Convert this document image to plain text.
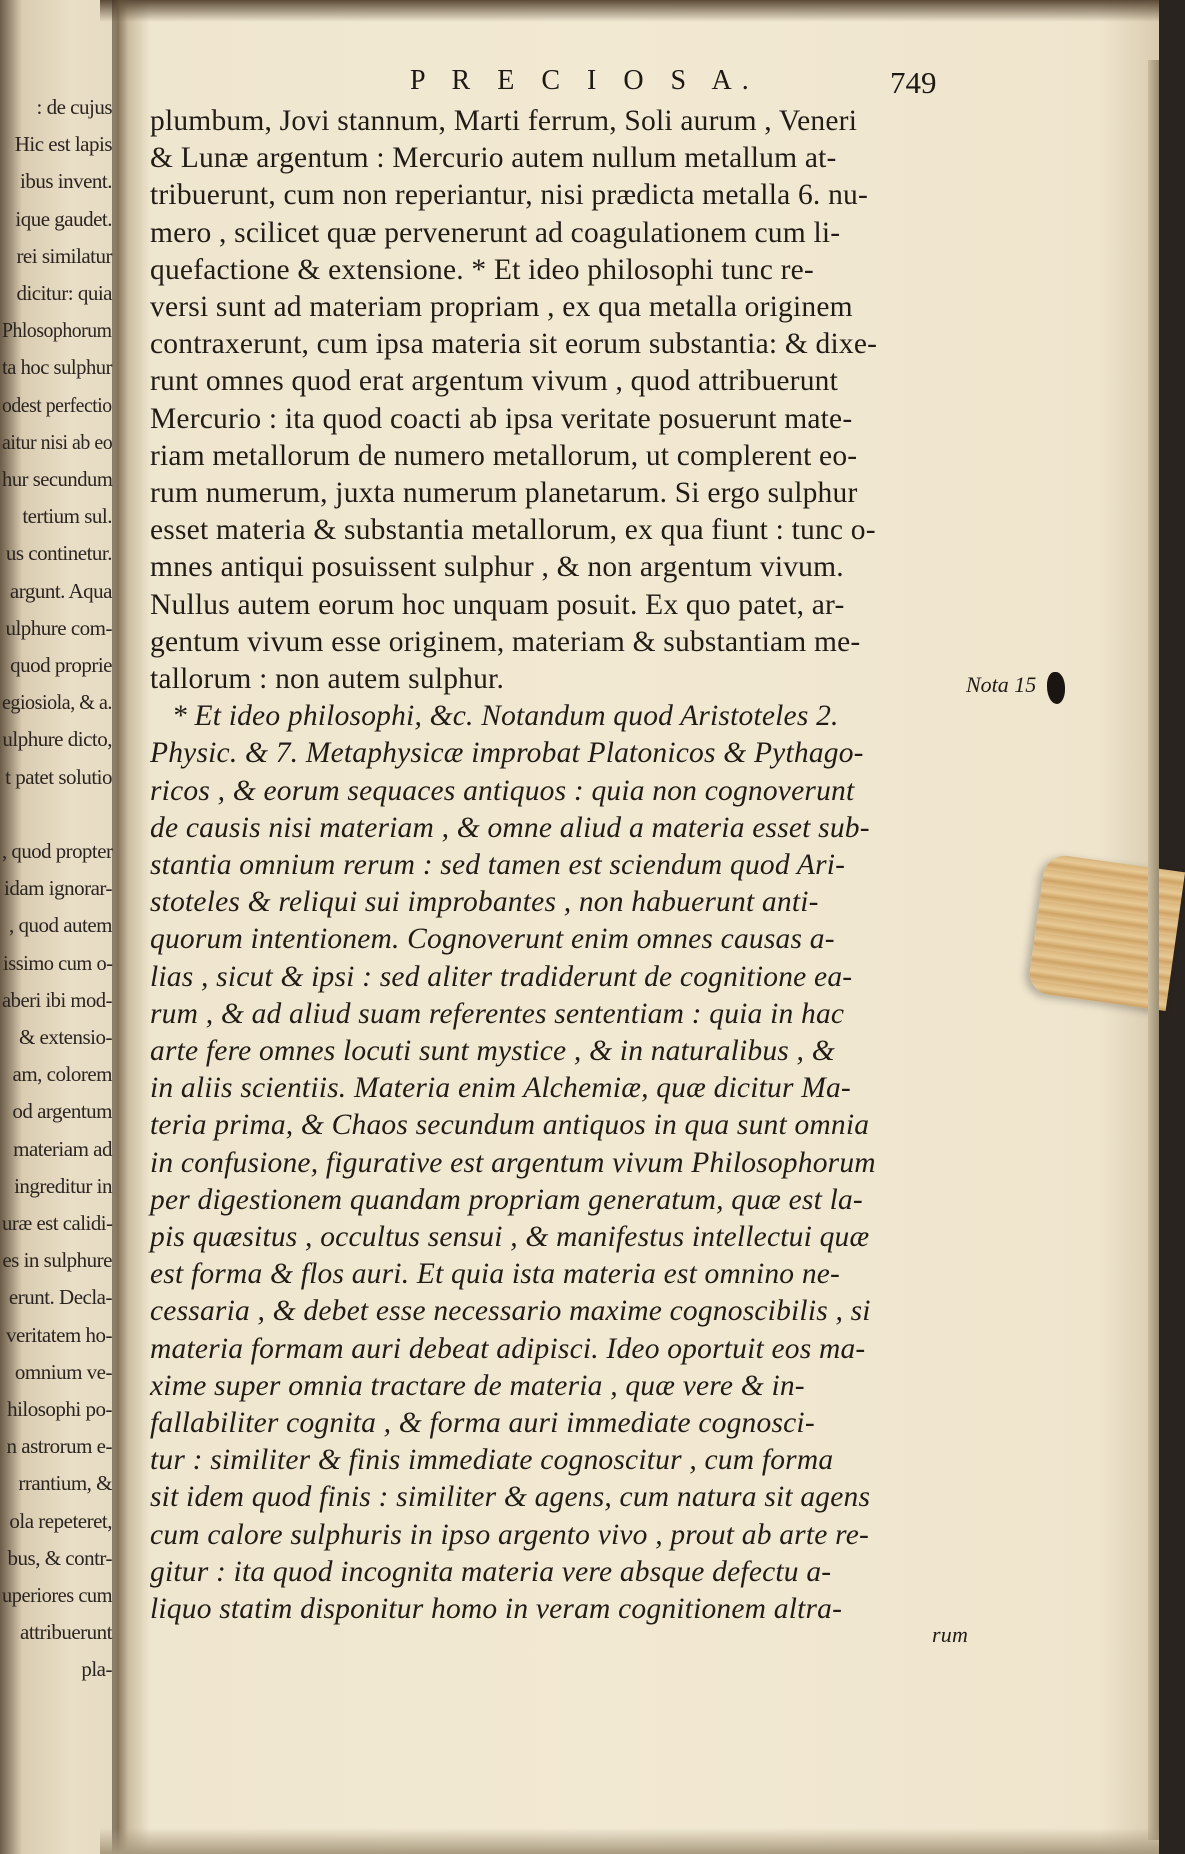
: de cujus
Hic est lapis
ibus invent.
ique gaudet.
rei similatur
dicitur: quia
Phlosophorum
ta hoc sulphur
odest perfectio
aitur nisi ab eo
hur secundum
tertium sul.
us continetur.
argunt. Aqua
ulphure com-
quod proprie
egiosiola, & a.
ulphure dicto,
t patet solutio
, quod propter
idam ignorar-
, quod autem
issimo cum o-
aberi ibi mod-
& extensio-
am, colorem
od argentum
materiam ad
ingreditur in
uræ est calidi-
es in sulphure
erunt. Decla-
veritatem ho-
omnium ve-
hilosophi po-
n astrorum e-
rrantium, &
ola repeteret,
bus, & contr-
uperiores cum
attribuerunt
pla-
P R E C I O S A.	749
plumbum, Jovi stannum, Marti ferrum, Soli aurum , Veneri
& Lunæ argentum : Mercurio autem nullum metallum at-
tribuerunt, cum non reperiantur, nisi prædicta metalla 6. nu-
mero , scilicet quæ pervenerunt ad coagulationem cum li-
quefactione & extensione. * Et ideo philosophi tunc re-
versi sunt ad materiam propriam , ex qua metalla originem
contraxerunt, cum ipsa materia sit eorum substantia: & dixe-
runt omnes quod erat argentum vivum , quod attribuerunt
Mercurio : ita quod coacti ab ipsa veritate posuerunt mate-
riam metallorum de numero metallorum, ut complerent eo-
rum numerum, juxta numerum planetarum. Si ergo sulphur
esset materia & substantia metallorum, ex qua fiunt : tunc o-
mnes antiqui posuissent sulphur , & non argentum vivum.
Nullus autem eorum hoc unquam posuit. Ex quo patet, ar-
gentum vivum esse originem, materiam & substantiam me-
tallorum : non autem sulphur.
* Et ideo philosophi, &c. Notandum quod Aristoteles 2.
Physic. & 7. Metaphysicæ improbat Platonicos & Pythago-
ricos , & eorum sequaces antiquos : quia non cognoverunt
de causis nisi materiam , & omne aliud a materia esset sub-
stantia omnium rerum : sed tamen est sciendum quod Ari-
stoteles & reliqui sui improbantes , non habuerunt anti-
quorum intentionem. Cognoverunt enim omnes causas a-
lias , sicut & ipsi : sed aliter tradiderunt de cognitione ea-
rum , & ad aliud suam referentes sententiam : quia in hac
arte fere omnes locuti sunt mystice , & in naturalibus , &
in aliis scientiis. Materia enim Alchemiæ, quæ dicitur Ma-
teria prima, & Chaos secundum antiquos in qua sunt omnia
in confusione, figurative est argentum vivum Philosophorum
per digestionem quandam propriam generatum, quæ est la-
pis quæsitus , occultus sensui , & manifestus intellectui quæ
est forma & flos auri. Et quia ista materia est omnino ne-
cessaria , & debet esse necessario maxime cognoscibilis , si
materia formam auri debeat adipisci. Ideo oportuit eos ma-
xime super omnia tractare de materia , quæ vere & in-
fallabiliter cognita , & forma auri immediate cognosci-
tur : similiter & finis immediate cognoscitur , cum forma
sit idem quod finis : similiter & agens, cum natura sit agens
cum calore sulphuris in ipso argento vivo , prout ab arte re-
gitur : ita quod incognita materia vere absque defectu a-
liquo statim disponitur homo in veram cognitionem altra-
rum
Nota 15
